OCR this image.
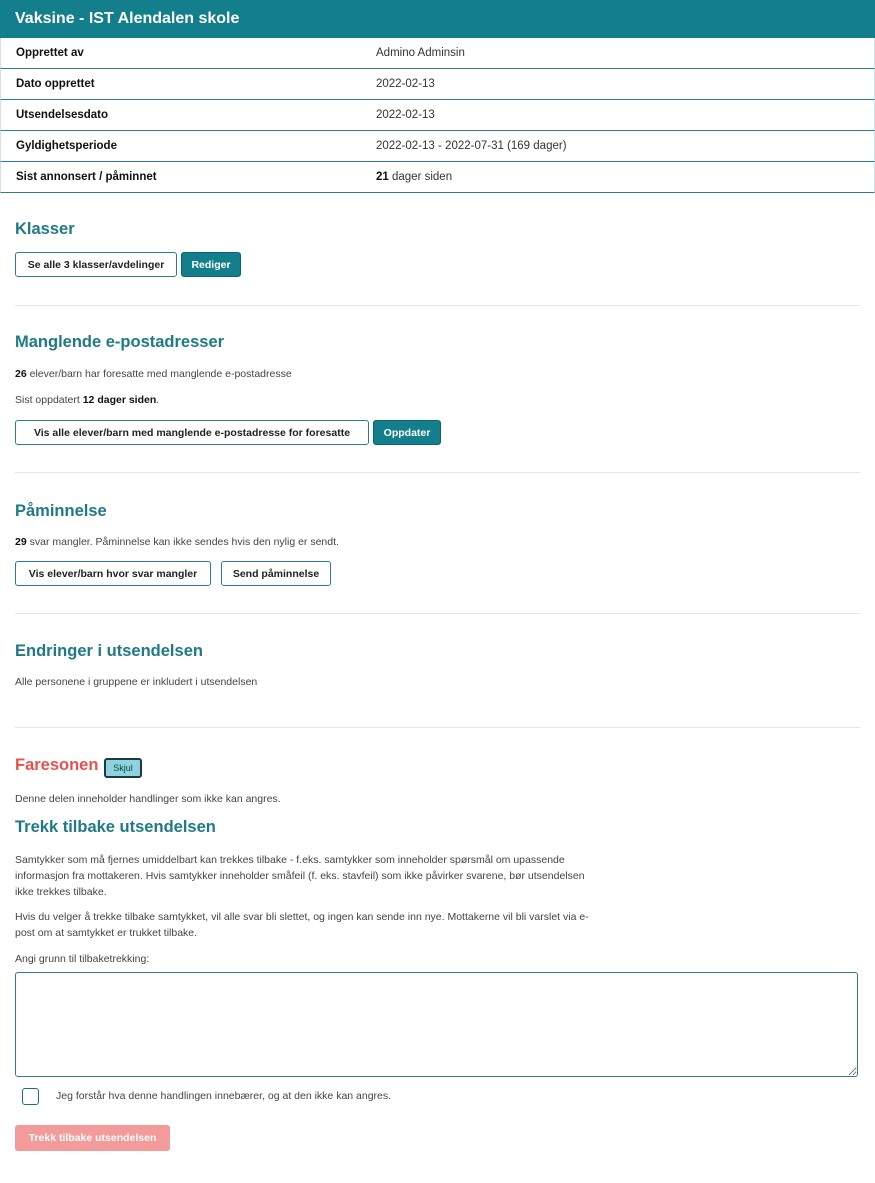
Vaksine - IST Alendalen skole
Opprettet av	Admino Adminsin
Dato opprettet	2022-02-13
Utsendelsesdato	2022-02-13
Gyldighetsperiode	2022-02-13 - 2022-07-31 (169 dager)
Sist annonsert / påminnet	21 dager siden
Klasser
Se alle 3 klasser/avdelinger	Rediger
Manglende e-postadresser
26 elever/barn har foresatte med manglende e-postadresse
Sist oppdatert 12 dager siden.
Vis alle elever/barn med manglende e-postadresse for foresatte	Oppdater
Påminnelse
29 svar mangler. Påminnelse kan ikke sendes hvis den nylig er sendt.
Vis elever/barn hvor svar mangler	Send påminnelse
Endringer i utsendelsen
Alle personene i gruppene er inkludert i utsendelsen
Faresonen	Skjul
Denne delen inneholder handlinger som ikke kan angres.
Trekk tilbake utsendelsen
Samtykker som må fjernes umiddelbart kan trekkes tilbake - f.eks. samtykker som inneholder spørsmål om upassende
informasjon fra mottakeren. Hvis samtykker inneholder småfeil (f. eks. stavfeil) som ikke påvirker svarene, bør utsendelsen
ikke trekkes tilbake.
Hvis du velger å trekke tilbake samtykket, vil alle svar bli slettet, og ingen kan sende inn nye. Mottakerne vil bli varslet via e-
post om at samtykket er trukket tilbake.
Angi grunn til tilbaketrekking:
Jeg forstår hva denne handlingen innebærer, og at den ikke kan angres.
Trekk tilbake utsendelsen
